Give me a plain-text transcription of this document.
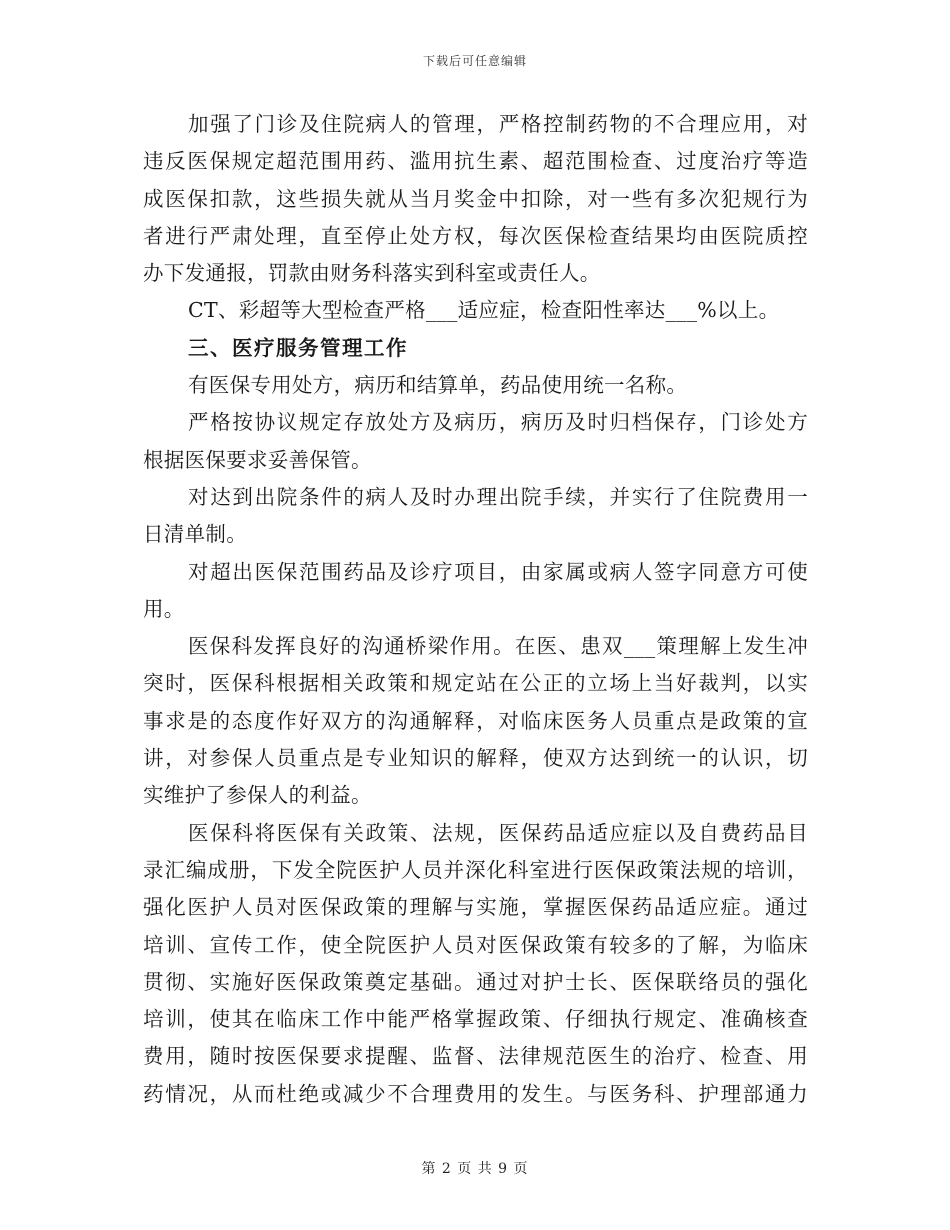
下载后可任意编辑
加强了门诊及住院病人的管理，严格控制药物的不合理应用，对
违反医保规定超范围用药、滥用抗生素、超范围检查、过度治疗等造
成医保扣款，这些损失就从当月奖金中扣除，对一些有多次犯规行为
者进行严肃处理，直至停止处方权，每次医保检查结果均由医院质控
办下发通报，罚款由财务科落实到科室或责任人。
CT、彩超等大型检查严格___适应症，检查阳性率达___%以上。
三、医疗服务管理工作
有医保专用处方，病历和结算单，药品使用统一名称。
严格按协议规定存放处方及病历，病历及时归档保存，门诊处方
根据医保要求妥善保管。
对达到出院条件的病人及时办理出院手续，并实行了住院费用一
日清单制。
对超出医保范围药品及诊疗项目，由家属或病人签字同意方可使
用。
医保科发挥良好的沟通桥梁作用。在医、患双___策理解上发生冲
突时，医保科根据相关政策和规定站在公正的立场上当好裁判，以实
事求是的态度作好双方的沟通解释，对临床医务人员重点是政策的宣
讲，对参保人员重点是专业知识的解释，使双方达到统一的认识，切
实维护了参保人的利益。
医保科将医保有关政策、法规，医保药品适应症以及自费药品目
录汇编成册，下发全院医护人员并深化科室进行医保政策法规的培训，
强化医护人员对医保政策的理解与实施，掌握医保药品适应症。通过
培训、宣传工作，使全院医护人员对医保政策有较多的了解，为临床
贯彻、实施好医保政策奠定基础。通过对护士长、医保联络员的强化
培训，使其在临床工作中能严格掌握政策、仔细执行规定、准确核查
费用，随时按医保要求提醒、监督、法律规范医生的治疗、检查、用
药情况，从而杜绝或减少不合理费用的发生。与医务科、护理部通力
第 2 页 共 9 页
